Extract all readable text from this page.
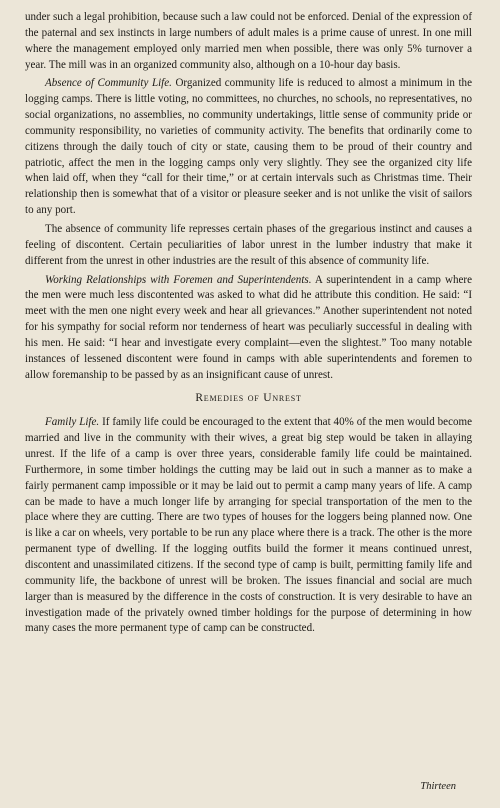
under such a legal prohibition, because such a law could not be enforced. Denial of the expression of the paternal and sex instincts in large numbers of adult males is a prime cause of unrest. In one mill where the management employed only married men when possible, there was only 5% turnover a year. The mill was in an organized community also, although on a 10-hour day basis.

Absence of Community Life. Organized community life is reduced to almost a minimum in the logging camps. There is little voting, no committees, no churches, no schools, no representatives, no social organizations, no assemblies, no community undertakings, little sense of community pride or community responsibility, no varieties of community activity. The benefits that ordinarily come to citizens through the daily touch of city or state, causing them to be proud of their country and patriotic, affect the men in the logging camps only very slightly. They see the organized city life when laid off, when they “call for their time,” or at certain intervals such as Christmas time. Their relationship then is somewhat that of a visitor or pleasure seeker and is not unlike the visit of sailors to any port.

The absence of community life represses certain phases of the gregarious instinct and causes a feeling of discontent. Certain peculiarities of labor unrest in the lumber industry that make it different from the unrest in other industries are the result of this absence of community life.

Working Relationships with Foremen and Superintendents. A superintendent in a camp where the men were much less discontented was asked to what did he attribute this condition. He said: “I meet with the men one night every week and hear all grievances.” Another superintendent not noted for his sympathy for social reform nor tenderness of heart was peculiarly successful in dealing with his men. He said: “I hear and investigate every complaint—even the slightest.” Too many notable instances of lessened discontent were found in camps with able superintendents and foremen to allow foremanship to be passed by as an insignificant cause of unrest.

Remedies of Unrest

Family Life. If family life could be encouraged to the extent that 40% of the men would become married and live in the community with their wives, a great big step would be taken in allaying unrest. If the life of a camp is over three years, considerable family life could be maintained. Furthermore, in some timber holdings the cutting may be laid out in such a manner as to make a fairly permanent camp impossible or it may be laid out to permit a camp many years of life. A camp can be made to have a much longer life by arranging for special transportation of the men to the place where they are cutting. There are two types of houses for the loggers being planned now. One is like a car on wheels, very portable to be run any place where there is a track. The other is the more permanent type of dwelling. If the logging outfits build the former it means continued unrest, discontent and unassimilated citizens. If the second type of camp is built, permitting family life and community life, the backbone of unrest will be broken. The issues financial and social are much larger than is measured by the difference in the costs of construction. It is very desirable to have an investigation made of the privately owned timber holdings for the purpose of determining in how many cases the more permanent type of camp can be constructed.

Thirteen
